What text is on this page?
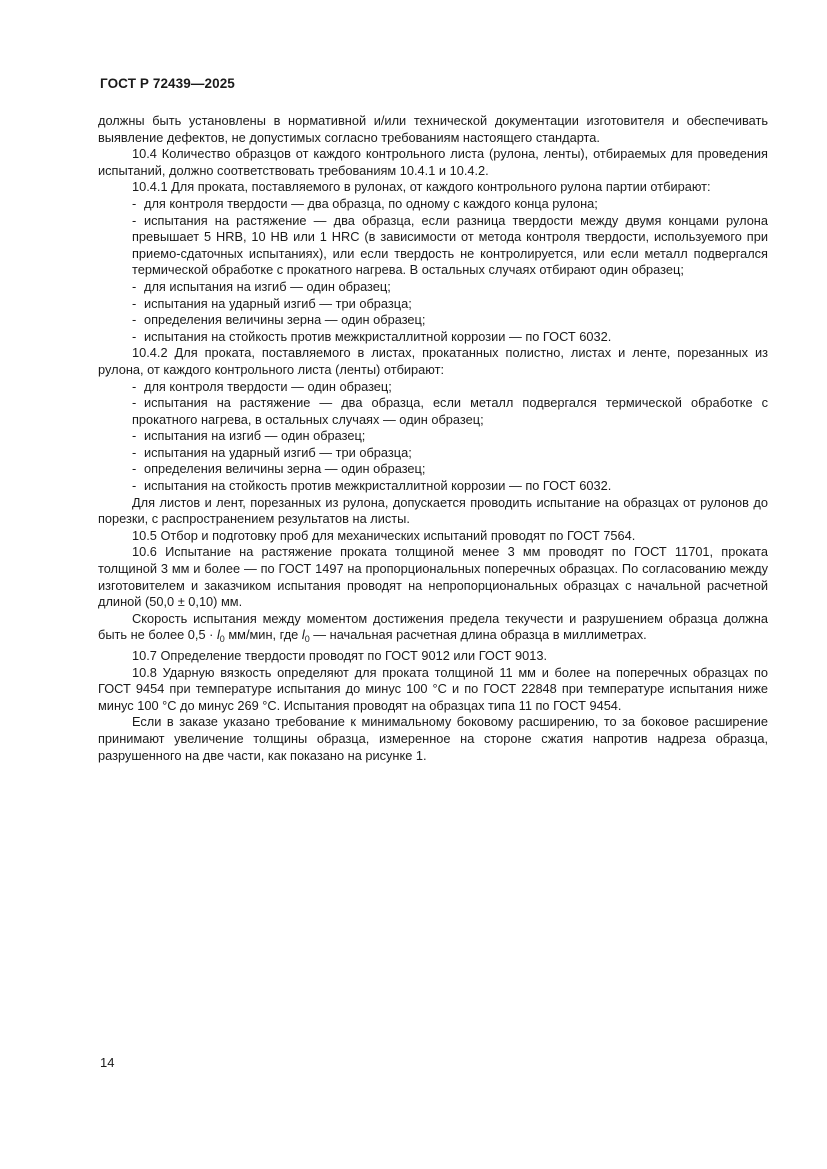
ГОСТ Р 72439—2025

должны быть установлены в нормативной и/или технической документации изготовителя и обеспечивать выявление дефектов, не допустимых согласно требованиям настоящего стандарта.

10.4 Количество образцов от каждого контрольного листа (рулона, ленты), отбираемых для проведения испытаний, должно соответствовать требованиям 10.4.1 и 10.4.2.

10.4.1 Для проката, поставляемого в рулонах, от каждого контрольного рулона партии отбирают:

- для контроля твердости — два образца, по одному с каждого конца рулона;

- испытания на растяжение — два образца, если разница твердости между двумя концами рулона превышает 5 HRB, 10 HB или 1 HRC (в зависимости от метода контроля твердости, используемого при приемо-сдаточных испытаниях), или если твердость не контролируется, или если металл подвергался термической обработке с прокатного нагрева. В остальных случаях отбирают один образец;

- для испытания на изгиб — один образец;

- испытания на ударный изгиб — три образца;

- определения величины зерна — один образец;

- испытания на стойкость против межкристаллитной коррозии — по ГОСТ 6032.

10.4.2 Для проката, поставляемого в листах, прокатанных полистно, листах и ленте, порезанных из рулона, от каждого контрольного листа (ленты) отбирают:

- для контроля твердости — один образец;

- испытания на растяжение — два образца, если металл подвергался термической обработке с прокатного нагрева, в остальных случаях — один образец;

- испытания на изгиб — один образец;

- испытания на ударный изгиб — три образца;

- определения величины зерна — один образец;

- испытания на стойкость против межкристаллитной коррозии — по ГОСТ 6032.

Для листов и лент, порезанных из рулона, допускается проводить испытание на образцах от рулонов до порезки, с распространением результатов на листы.

10.5 Отбор и подготовку проб для механических испытаний проводят по ГОСТ 7564.

10.6 Испытание на растяжение проката толщиной менее 3 мм проводят по ГОСТ 11701, проката толщиной 3 мм и более — по ГОСТ 1497 на пропорциональных поперечных образцах. По согласованию между изготовителем и заказчиком испытания проводят на непропорциональных образцах с начальной расчетной длиной (50,0 ± 0,10) мм.

Скорость испытания между моментом достижения предела текучести и разрушением образца должна быть не более $0,5 \cdot l_0$ мм/мин, где $l_0$ — начальная расчетная длина образца в миллиметрах.

10.7 Определение твердости проводят по ГОСТ 9012 или ГОСТ 9013.

10.8 Ударную вязкость определяют для проката толщиной 11 мм и более на поперечных образцах по ГОСТ 9454 при температуре испытания до минус 100 °С и по ГОСТ 22848 при температуре испытания ниже минус 100 °С до минус 269 °С. Испытания проводят на образцах типа 11 по ГОСТ 9454.

Если в заказе указано требование к минимальному боковому расширению, то за боковое расширение принимают увеличение толщины образца, измеренное на стороне сжатия напротив надреза образца, разрушенного на две части, как показано на рисунке 1.

14
